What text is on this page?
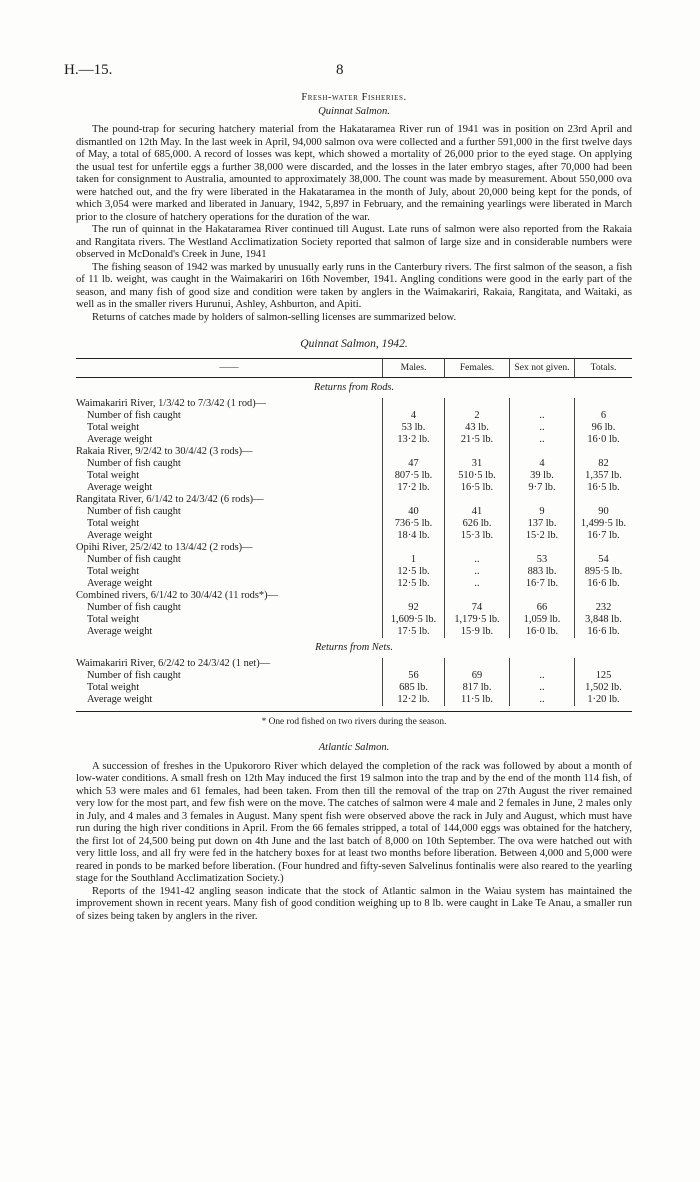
H.—15.	8
Fresh-water Fisheries.
Quinnat Salmon.

The pound-trap for securing hatchery material from the Hakataramea River run of 1941 was in position on 23rd April and dismantled on 12th May. In the last week in April, 94,000 salmon ova were collected and a further 591,000 in the first twelve days of May, a total of 685,000. A record of losses was kept, which showed a mortality of 26,000 prior to the eyed stage. On applying the usual test for unfertile eggs a further 38,000 were discarded, and the losses in the later embryo stages, after 70,000 had been taken for consignment to Australia, amounted to approximately 38,000. The count was made by measurement. About 550,000 ova were hatched out, and the fry were liberated in the Hakataramea in the month of July, about 20,000 being kept for the ponds, of which 3,054 were marked and liberated in January, 1942, 5,897 in February, and the remaining yearlings were liberated in March prior to the closure of hatchery operations for the duration of the war.

The run of quinnat in the Hakataramea River continued till August. Late runs of salmon were also reported from the Rakaia and Rangitata rivers. The Westland Acclimatization Society reported that salmon of large size and in considerable numbers were observed in McDonald's Creek in June, 1941

The fishing season of 1942 was marked by unusually early runs in the Canterbury rivers. The first salmon of the season, a fish of 11 lb. weight, was caught in the Waimakariri on 16th November, 1941. Angling conditions were good in the early part of the season, and many fish of good size and condition were taken by anglers in the Waimakariri, Rakaia, Rangitata, and Waitaki, as well as in the smaller rivers Hurunui, Ashley, Ashburton, and Apiti.

Returns of catches made by holders of salmon-selling licenses are summarized below.

Quinnat Salmon, 1942.
——	Males.	Females.	Sex not given.	Totals.
Returns from Rods.				
Waimakariri River, 1/3/42 to 7/3/42 (1 rod)—				
Number of fish caught	4	2	..	6
Total weight	53 lb.	43 lb.	..	96 lb.
Average weight	13·2 lb.	21·5 lb.	..	16·0 lb.
Rakaia River, 9/2/42 to 30/4/42 (3 rods)—				
Number of fish caught	47	31	4	82
Total weight	807·5 lb.	510·5 lb.	39 lb.	1,357 lb.
Average weight	17·2 lb.	16·5 lb.	9·7 lb.	16·5 lb.
Rangitata River, 6/1/42 to 24/3/42 (6 rods)—				
Number of fish caught	40	41	9	90
Total weight	736·5 lb.	626 lb.	137 lb.	1,499·5 lb.
Average weight	18·4 lb.	15·3 lb.	15·2 lb.	16·7 lb.
Opihi River, 25/2/42 to 13/4/42 (2 rods)—				
Number of fish caught	1	..	53	54
Total weight	12·5 lb.	..	883 lb.	895·5 lb.
Average weight	12·5 lb.	..	16·7 lb.	16·6 lb.
Combined rivers, 6/1/42 to 30/4/42 (11 rods*)—				
Number of fish caught	92	74	66	232
Total weight	1,609·5 lb.	1,179·5 lb.	1,059 lb.	3,848 lb.
Average weight	17·5 lb.	15·9 lb.	16·0 lb.	16·6 lb.
Returns from Nets.				
Waimakariri River, 6/2/42 to 24/3/42 (1 net)—				
Number of fish caught	56	69	..	125
Total weight	685 lb.	817 lb.	..	1,502 lb.
Average weight	12·2 lb.	11·5 lb.	..	1·20 lb.
* One rod fished on two rivers during the season.
Atlantic Salmon.

A succession of freshes in the Upukororo River which delayed the completion of the rack was followed by about a month of low-water conditions. A small fresh on 12th May induced the first 19 salmon into the trap and by the end of the month 114 fish, of which 53 were males and 61 females, had been taken. From then till the removal of the trap on 27th August the river remained very low for the most part, and few fish were on the move. The catches of salmon were 4 male and 2 females in June, 2 males only in July, and 4 males and 3 females in August. Many spent fish were observed above the rack in July and August, which must have run during the high river conditions in April. From the 66 females stripped, a total of 144,000 eggs was obtained for the hatchery, the first lot of 24,500 being put down on 4th June and the last batch of 8,000 on 10th September. The ova were hatched out with very little loss, and all fry were fed in the hatchery boxes for at least two months before liberation. Between 4,000 and 5,000 were reared in ponds to be marked before liberation. (Four hundred and fifty-seven Salvelinus fontinalis were also reared to the yearling stage for the Southland Acclimatization Society.)

Reports of the 1941-42 angling season indicate that the stock of Atlantic salmon in the Waiau system has maintained the improvement shown in recent years. Many fish of good condition weighing up to 8 lb. were caught in Lake Te Anau, a smaller run of sizes being taken by anglers in the river.
